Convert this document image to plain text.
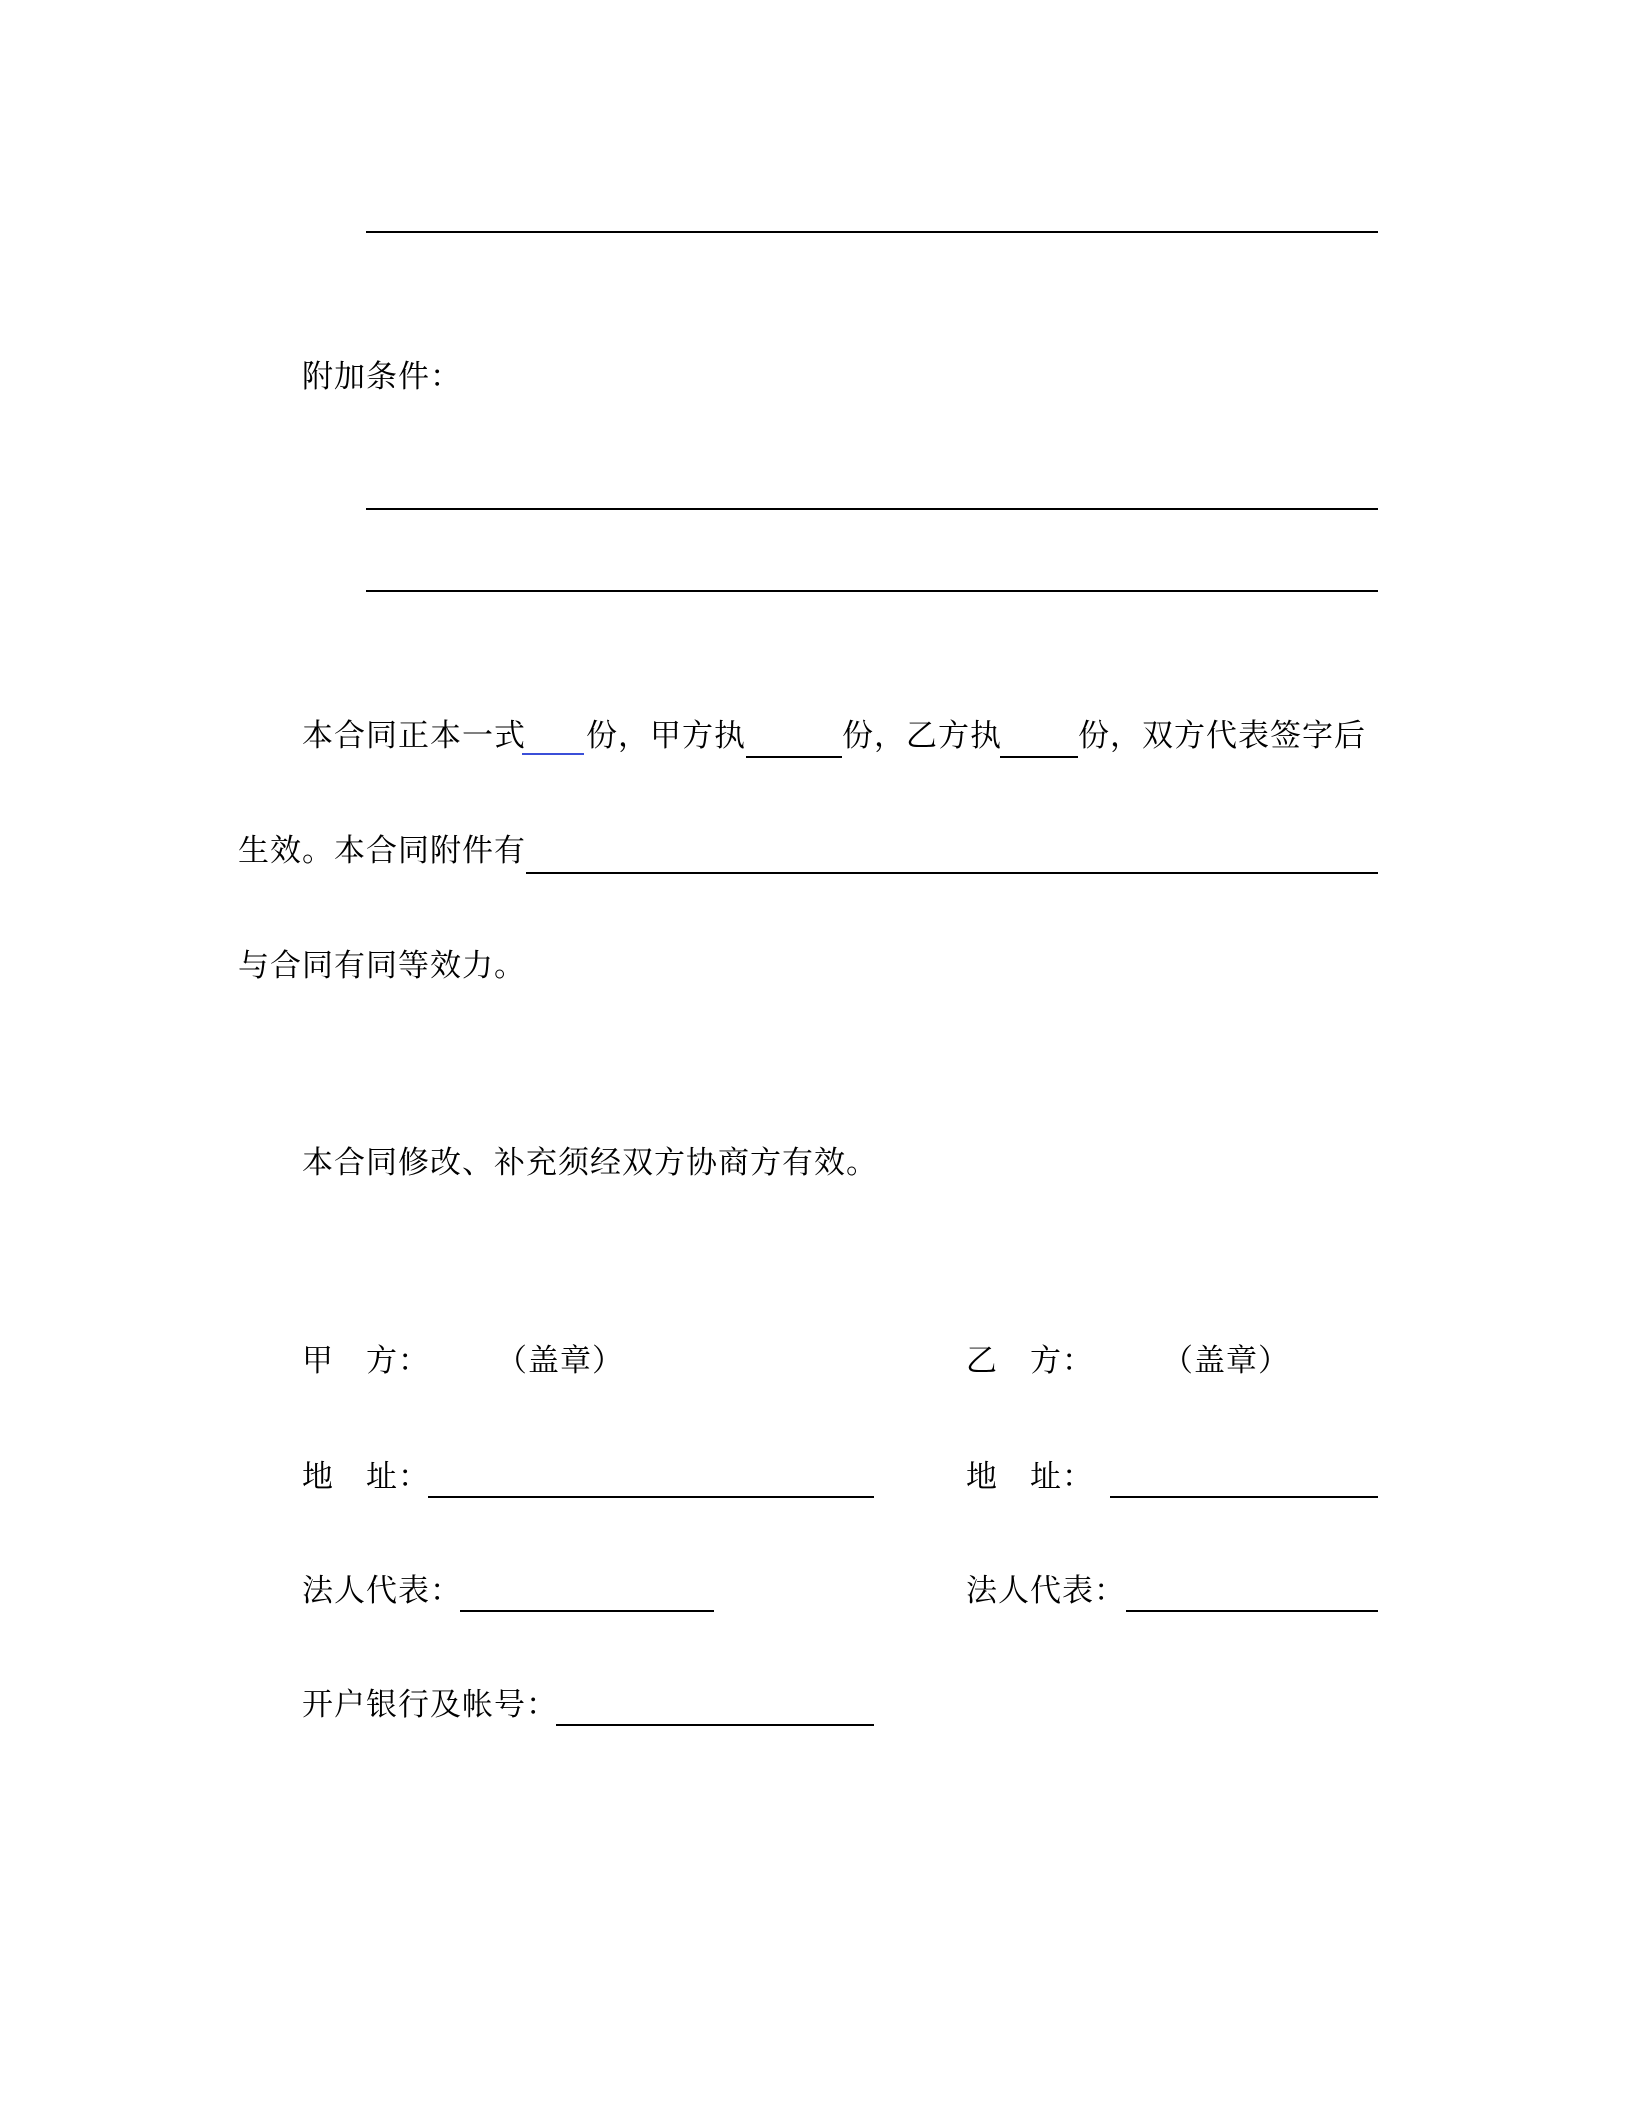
附加条件：
本合同正本一式 份，甲方执	份，乙方执 份，双方代表签字后
生效。本合同附件有
与合同有同等效力。
本合同修改、补充须经双方协商方有效。
甲　方： （盖章）
地　址：
法人代表：
开户银行及帐号：
乙　方： （盖章）
地　址：
法人代表：
